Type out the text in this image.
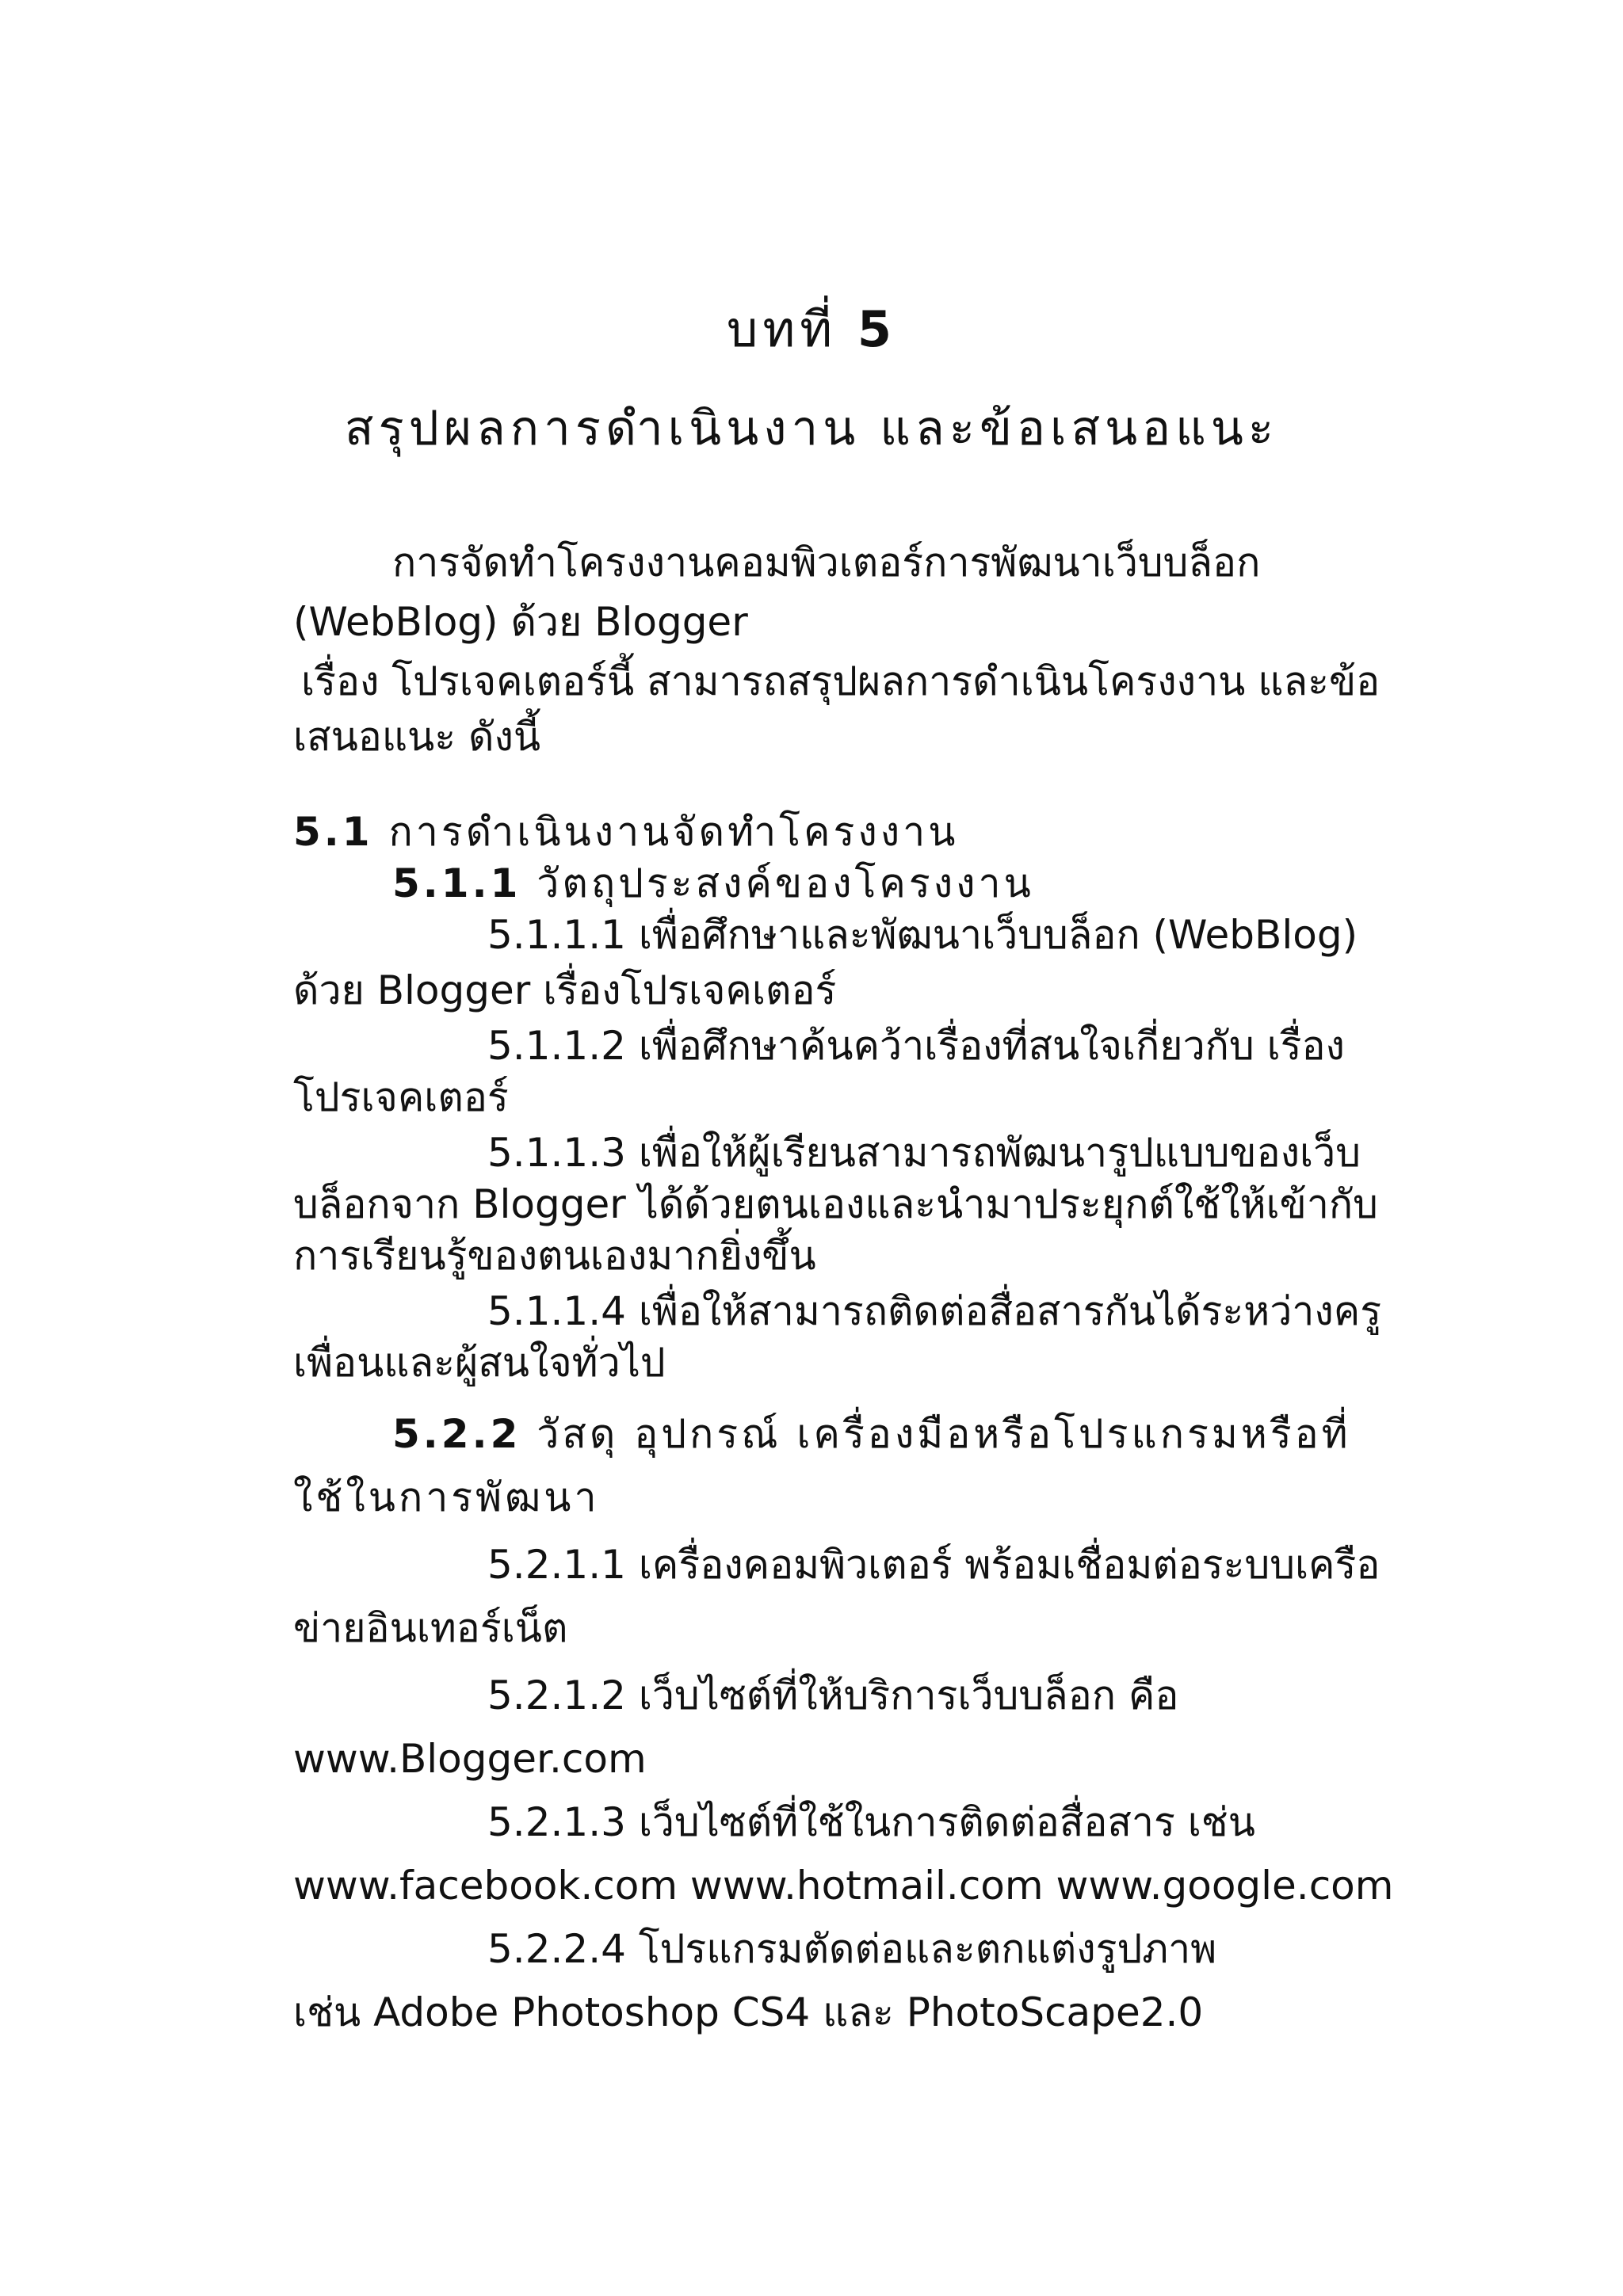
บทที่ 5
สรุปผลการดำเนินงาน และข้อเสนอแนะ
การจัดทำโครงงานคอมพิวเตอร์การพัฒนาเว็บบล็อก
(WebBlog) ด้วย Blogger
เรื่อง โปรเจคเตอร์นี้ สามารถสรุปผลการดำเนินโครงงาน และข้อ
เสนอแนะ ดังนี้
5.1 การดำเนินงานจัดทำโครงงาน
5.1.1 วัตถุประสงค์ของโครงงาน
5.1.1.1 เพื่อศึกษาและพัฒนาเว็บบล็อก (WebBlog)
ด้วย Blogger เรื่องโปรเจคเตอร์
5.1.1.2 เพื่อศึกษาค้นคว้าเรื่องที่สนใจเกี่ยวกับ เรื่อง
โปรเจคเตอร์
5.1.1.3 เพื่อให้ผู้เรียนสามารถพัฒนารูปแบบของเว็บ
บล็อกจาก Blogger ได้ด้วยตนเองและนำมาประยุกต์ใช้ให้เข้ากับ
การเรียนรู้ของตนเองมากยิ่งขึ้น
5.1.1.4 เพื่อให้สามารถติดต่อสื่อสารกันได้ระหว่างครู
เพื่อนและผู้สนใจทั่วไป
5.2.2 วัสดุ อุปกรณ์ เครื่องมือหรือโปรแกรมหรือที่
ใช้ในการพัฒนา
5.2.1.1 เครื่องคอมพิวเตอร์ พร้อมเชื่อมต่อระบบเครือ
ข่ายอินเทอร์เน็ต
5.2.1.2 เว็บไซต์ที่ให้บริการเว็บบล็อก คือ
www.Blogger.com
5.2.1.3 เว็บไซต์ที่ใช้ในการติดต่อสื่อสาร เช่น
www.facebook.com www.hotmail.com www.google.com
5.2.2.4 โปรแกรมตัดต่อและตกแต่งรูปภาพ
เช่น Adobe Photoshop CS4 และ PhotoScape2.0
